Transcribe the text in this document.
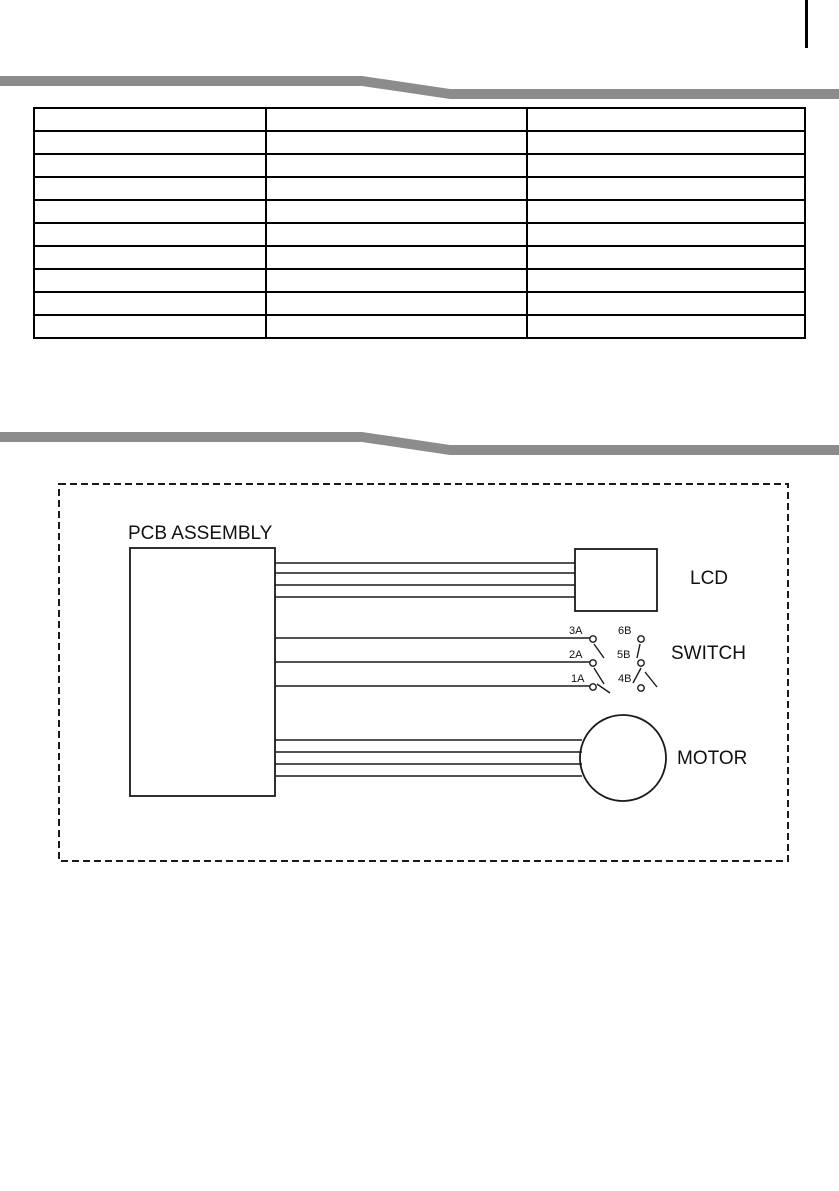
PCB ASSEMBLY
LCD
SWITCH
MOTOR
3A
2A
1A
6B
5B
4B
